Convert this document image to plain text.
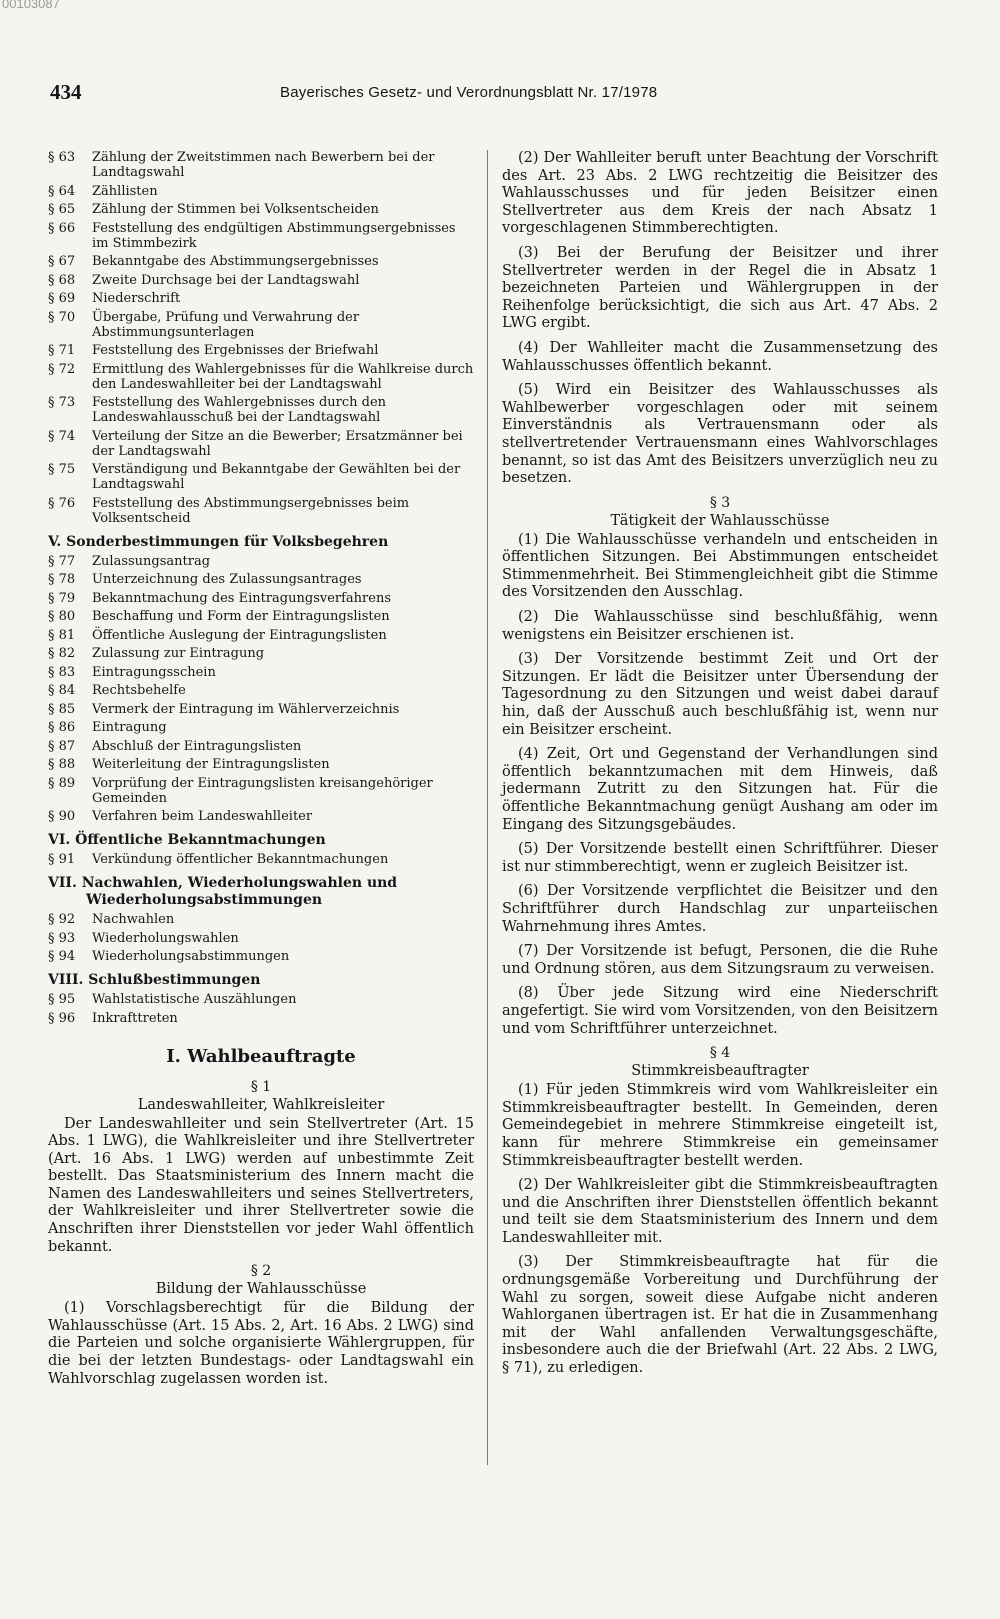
00103087
434	Bayerisches Gesetz- und Verordnungsblatt Nr. 17/1978
§ 63	Zählung der Zweitstimmen nach Bewerbern bei der Landtagswahl
§ 64	Zähllisten
§ 65	Zählung der Stimmen bei Volksentscheiden
§ 66	Feststellung des endgültigen Abstimmungsergebnisses im Stimmbezirk
§ 67	Bekanntgabe des Abstimmungsergebnisses
§ 68	Zweite Durchsage bei der Landtagswahl
§ 69	Niederschrift
§ 70	Übergabe, Prüfung und Verwahrung der Abstimmungsunterlagen
§ 71	Feststellung des Ergebnisses der Briefwahl
§ 72	Ermittlung des Wahlergebnisses für die Wahlkreise durch den Landeswahlleiter bei der Landtagswahl
§ 73	Feststellung des Wahlergebnisses durch den Landeswahlausschuß bei der Landtagswahl
§ 74	Verteilung der Sitze an die Bewerber; Ersatzmänner bei der Landtagswahl
§ 75	Verständigung und Bekanntgabe der Gewählten bei der Landtagswahl
§ 76	Feststellung des Abstimmungsergebnisses beim Volksentscheid
V. Sonderbestimmungen für Volksbegehren
§ 77	Zulassungsantrag
§ 78	Unterzeichnung des Zulassungsantrages
§ 79	Bekanntmachung des Eintragungsverfahrens
§ 80	Beschaffung und Form der Eintragungslisten
§ 81	Öffentliche Auslegung der Eintragungslisten
§ 82	Zulassung zur Eintragung
§ 83	Eintragungsschein
§ 84	Rechtsbehelfe
§ 85	Vermerk der Eintragung im Wählerverzeichnis
§ 86	Eintragung
§ 87	Abschluß der Eintragungslisten
§ 88	Weiterleitung der Eintragungslisten
§ 89	Vorprüfung der Eintragungslisten kreisangehöriger Gemeinden
§ 90	Verfahren beim Landeswahlleiter
VI. Öffentliche Bekanntmachungen
§ 91	Verkündung öffentlicher Bekanntmachungen
VII. Nachwahlen, Wiederholungswahlen und Wiederholungsabstimmungen
§ 92	Nachwahlen
§ 93	Wiederholungswahlen
§ 94	Wiederholungsabstimmungen
VIII. Schlußbestimmungen
§ 95	Wahlstatistische Auszählungen
§ 96	Inkrafttreten
I. Wahlbeauftragte
§ 1
Landeswahlleiter, Wahlkreisleiter
Der Landeswahlleiter und sein Stellvertreter (Art. 15 Abs. 1 LWG), die Wahlkreisleiter und ihre Stellvertreter (Art. 16 Abs. 1 LWG) werden auf unbestimmte Zeit bestellt. Das Staatsministerium des Innern macht die Namen des Landeswahlleiters und seines Stellvertreters, der Wahlkreisleiter und ihrer Stellvertreter sowie die Anschriften ihrer Dienststellen vor jeder Wahl öffentlich bekannt.
§ 2
Bildung der Wahlausschüsse
(1) Vorschlagsberechtigt für die Bildung der Wahlausschüsse (Art. 15 Abs. 2, Art. 16 Abs. 2 LWG) sind die Parteien und solche organisierte Wählergruppen, für die bei der letzten Bundestags- oder Landtagswahl ein Wahlvorschlag zugelassen worden ist.
(2) Der Wahlleiter beruft unter Beachtung der Vorschrift des Art. 23 Abs. 2 LWG rechtzeitig die Beisitzer des Wahlausschusses und für jeden Beisitzer einen Stellvertreter aus dem Kreis der nach Absatz 1 vorgeschlagenen Stimmberechtigten.
(3) Bei der Berufung der Beisitzer und ihrer Stellvertreter werden in der Regel die in Absatz 1 bezeichneten Parteien und Wählergruppen in der Reihenfolge berücksichtigt, die sich aus Art. 47 Abs. 2 LWG ergibt.
(4) Der Wahlleiter macht die Zusammensetzung des Wahlausschusses öffentlich bekannt.
(5) Wird ein Beisitzer des Wahlausschusses als Wahlbewerber vorgeschlagen oder mit seinem Einverständnis als Vertrauensmann oder als stellvertretender Vertrauensmann eines Wahlvorschlages benannt, so ist das Amt des Beisitzers unverzüglich neu zu besetzen.
§ 3
Tätigkeit der Wahlausschüsse
(1) Die Wahlausschüsse verhandeln und entscheiden in öffentlichen Sitzungen. Bei Abstimmungen entscheidet Stimmenmehrheit. Bei Stimmengleichheit gibt die Stimme des Vorsitzenden den Ausschlag.
(2) Die Wahlausschüsse sind beschlußfähig, wenn wenigstens ein Beisitzer erschienen ist.
(3) Der Vorsitzende bestimmt Zeit und Ort der Sitzungen. Er lädt die Beisitzer unter Übersendung der Tagesordnung zu den Sitzungen und weist dabei darauf hin, daß der Ausschuß auch beschlußfähig ist, wenn nur ein Beisitzer erscheint.
(4) Zeit, Ort und Gegenstand der Verhandlungen sind öffentlich bekanntzumachen mit dem Hinweis, daß jedermann Zutritt zu den Sitzungen hat. Für die öffentliche Bekanntmachung genügt Aushang am oder im Eingang des Sitzungsgebäudes.
(5) Der Vorsitzende bestellt einen Schriftführer. Dieser ist nur stimmberechtigt, wenn er zugleich Beisitzer ist.
(6) Der Vorsitzende verpflichtet die Beisitzer und den Schriftführer durch Handschlag zur unparteiischen Wahrnehmung ihres Amtes.
(7) Der Vorsitzende ist befugt, Personen, die die Ruhe und Ordnung stören, aus dem Sitzungsraum zu verweisen.
(8) Über jede Sitzung wird eine Niederschrift angefertigt. Sie wird vom Vorsitzenden, von den Beisitzern und vom Schriftführer unterzeichnet.
§ 4
Stimmkreisbeauftragter
(1) Für jeden Stimmkreis wird vom Wahlkreisleiter ein Stimmkreisbeauftragter bestellt. In Gemeinden, deren Gemeindegebiet in mehrere Stimmkreise eingeteilt ist, kann für mehrere Stimmkreise ein gemeinsamer Stimmkreisbeauftragter bestellt werden.
(2) Der Wahlkreisleiter gibt die Stimmkreisbeauftragten und die Anschriften ihrer Dienststellen öffentlich bekannt und teilt sie dem Staatsministerium des Innern und dem Landeswahlleiter mit.
(3) Der Stimmkreisbeauftragte hat für die ordnungsgemäße Vorbereitung und Durchführung der Wahl zu sorgen, soweit diese Aufgabe nicht anderen Wahlorganen übertragen ist. Er hat die in Zusammenhang mit der Wahl anfallenden Verwaltungsgeschäfte, insbesondere auch die der Briefwahl (Art. 22 Abs. 2 LWG, § 71), zu erledigen.
